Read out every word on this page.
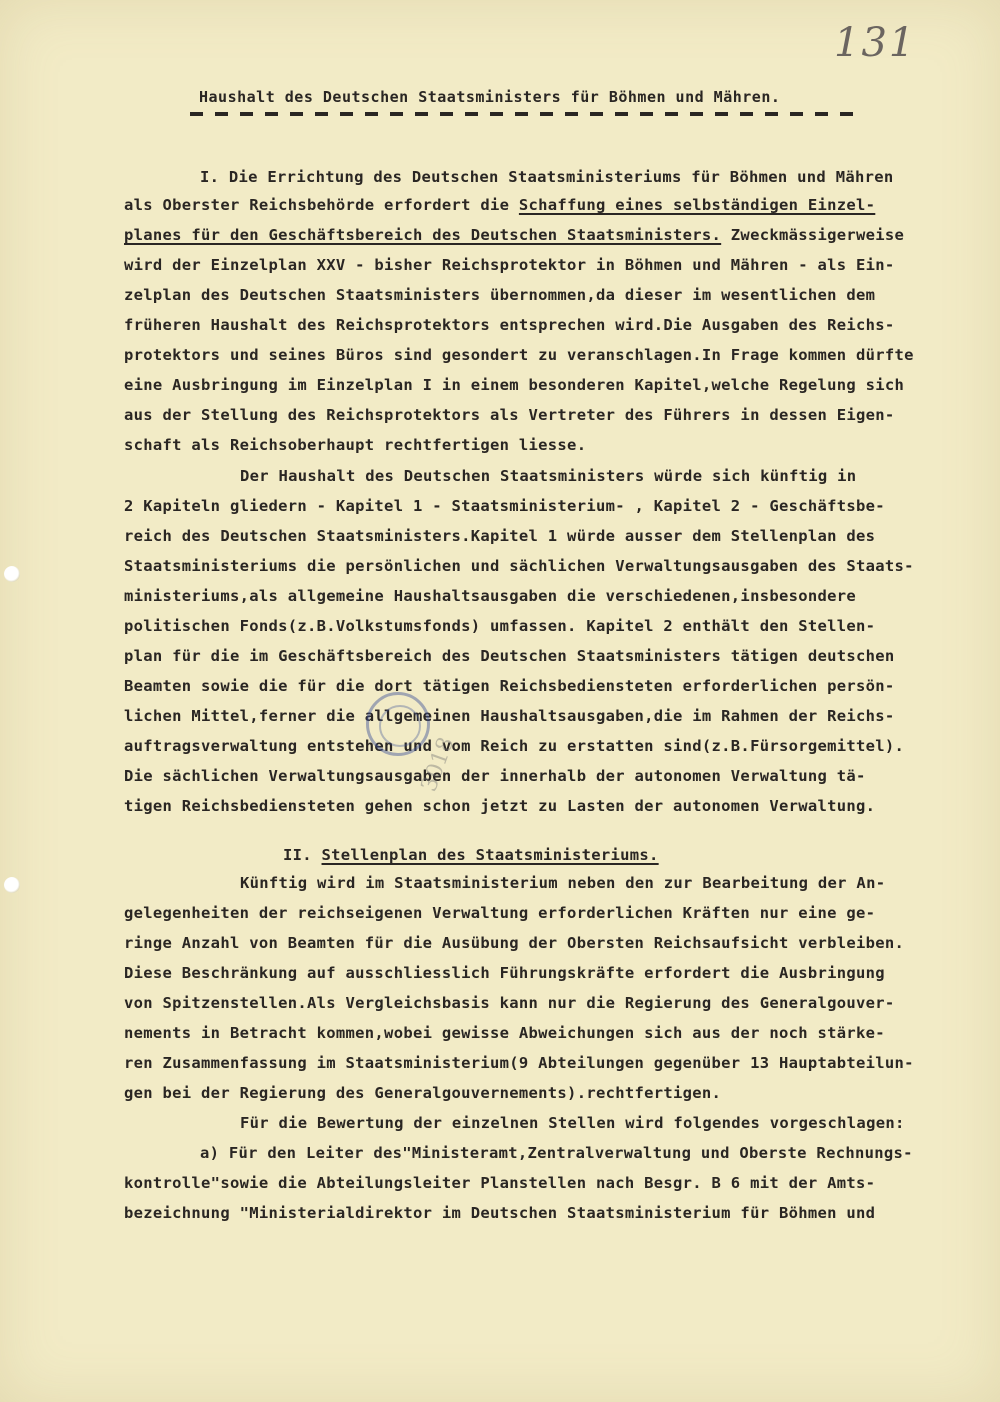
131
Haushalt des Deutschen Staatsministers für Böhmen und Mähren.
I. Die Errichtung des Deutschen Staatsministeriums für Böhmen und Mähren
als Oberster Reichsbehörde erfordert die Schaffung eines selbständigen Einzel-
planes für den Geschäftsbereich des Deutschen Staatsministers. Zweckmässigerweise
wird der Einzelplan XXV - bisher Reichsprotektor in Böhmen und Mähren - als Ein-
zelplan des Deutschen Staatsministers übernommen,da dieser im wesentlichen dem
früheren Haushalt des Reichsprotektors entsprechen wird.Die Ausgaben des Reichs-
protektors und seines Büros sind gesondert zu veranschlagen.In Frage kommen dürfte
eine Ausbringung im Einzelplan I in einem besonderen Kapitel,welche Regelung sich
aus der Stellung des Reichsprotektors als Vertreter des Führers in dessen Eigen-
schaft als Reichsoberhaupt rechtfertigen liesse.
Der Haushalt des Deutschen Staatsministers würde sich künftig in
2 Kapiteln gliedern - Kapitel 1 - Staatsministerium- , Kapitel 2 - Geschäftsbe-
reich des Deutschen Staatsministers.Kapitel 1 würde ausser dem Stellenplan des
Staatsministeriums die persönlichen und sächlichen Verwaltungsausgaben des Staats-
ministeriums,als allgemeine Haushaltsausgaben die verschiedenen,insbesondere
politischen Fonds(z.B.Volkstumsfonds) umfassen. Kapitel 2 enthält den Stellen-
plan für die im Geschäftsbereich des Deutschen Staatsministers tätigen deutschen
Beamten sowie die für die dort tätigen Reichsbediensteten erforderlichen persön-
lichen Mittel,ferner die allgemeinen Haushaltsausgaben,die im Rahmen der Reichs-
auftragsverwaltung entstehen und vom Reich zu erstatten sind(z.B.Fürsorgemittel).
Die sächlichen Verwaltungsausgaben der innerhalb der autonomen Verwaltung tä-
tigen Reichsbediensteten gehen schon jetzt zu Lasten der autonomen Verwaltung.
II. Stellenplan des Staatsministeriums.
Künftig wird im Staatsministerium neben den zur Bearbeitung der An-
gelegenheiten der reichseigenen Verwaltung erforderlichen Kräften nur eine ge-
ringe Anzahl von Beamten für die Ausübung der Obersten Reichsaufsicht verbleiben.
Diese Beschränkung auf ausschliesslich Führungskräfte erfordert die Ausbringung
von Spitzenstellen.Als Vergleichsbasis kann nur die Regierung des Generalgouver-
nements in Betracht kommen,wobei gewisse Abweichungen sich aus der noch stärke-
ren Zusammenfassung im Staatsministerium(9 Abteilungen gegenüber 13 Hauptabteilun-
gen bei der Regierung des Generalgouvernements).rechtfertigen.
Für die Bewertung der einzelnen Stellen wird folgendes vorgeschlagen:
a) Für den Leiter des"Ministeramt,Zentralverwaltung und Oberste Rechnungs-
kontrolle"sowie die Abteilungsleiter Planstellen nach Besgr. B 6 mit der Amts-
bezeichnung "Ministerialdirektor im Deutschen Staatsministerium für Böhmen und
3018
